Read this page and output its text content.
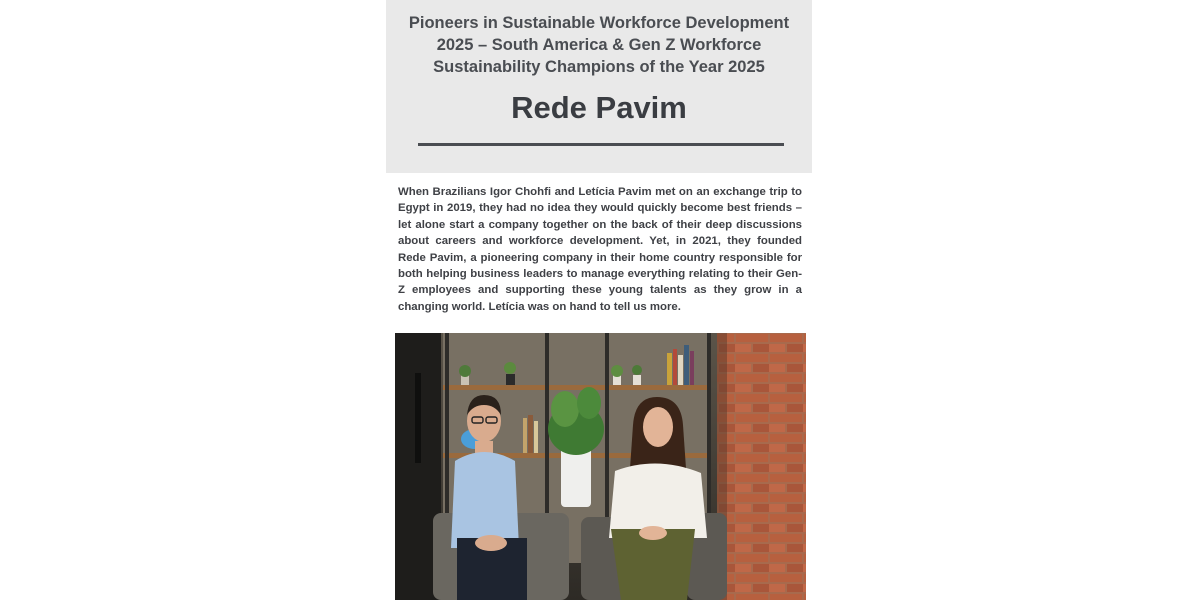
Pioneers in Sustainable Workforce Development 2025 – South America & Gen Z Workforce Sustainability Champions of the Year 2025
Rede Pavim

When Brazilians Igor Chohfi and Letícia Pavim met on an exchange trip to Egypt in 2019, they had no idea they would quickly become best friends – let alone start a company together on the back of their deep discussions about careers and workforce development. Yet, in 2021, they founded Rede Pavim, a pioneering company in their home country responsible for both helping business leaders to manage everything relating to their Gen-Z employees and supporting these young talents as they grow in a changing world. Letícia was on hand to tell us more.
